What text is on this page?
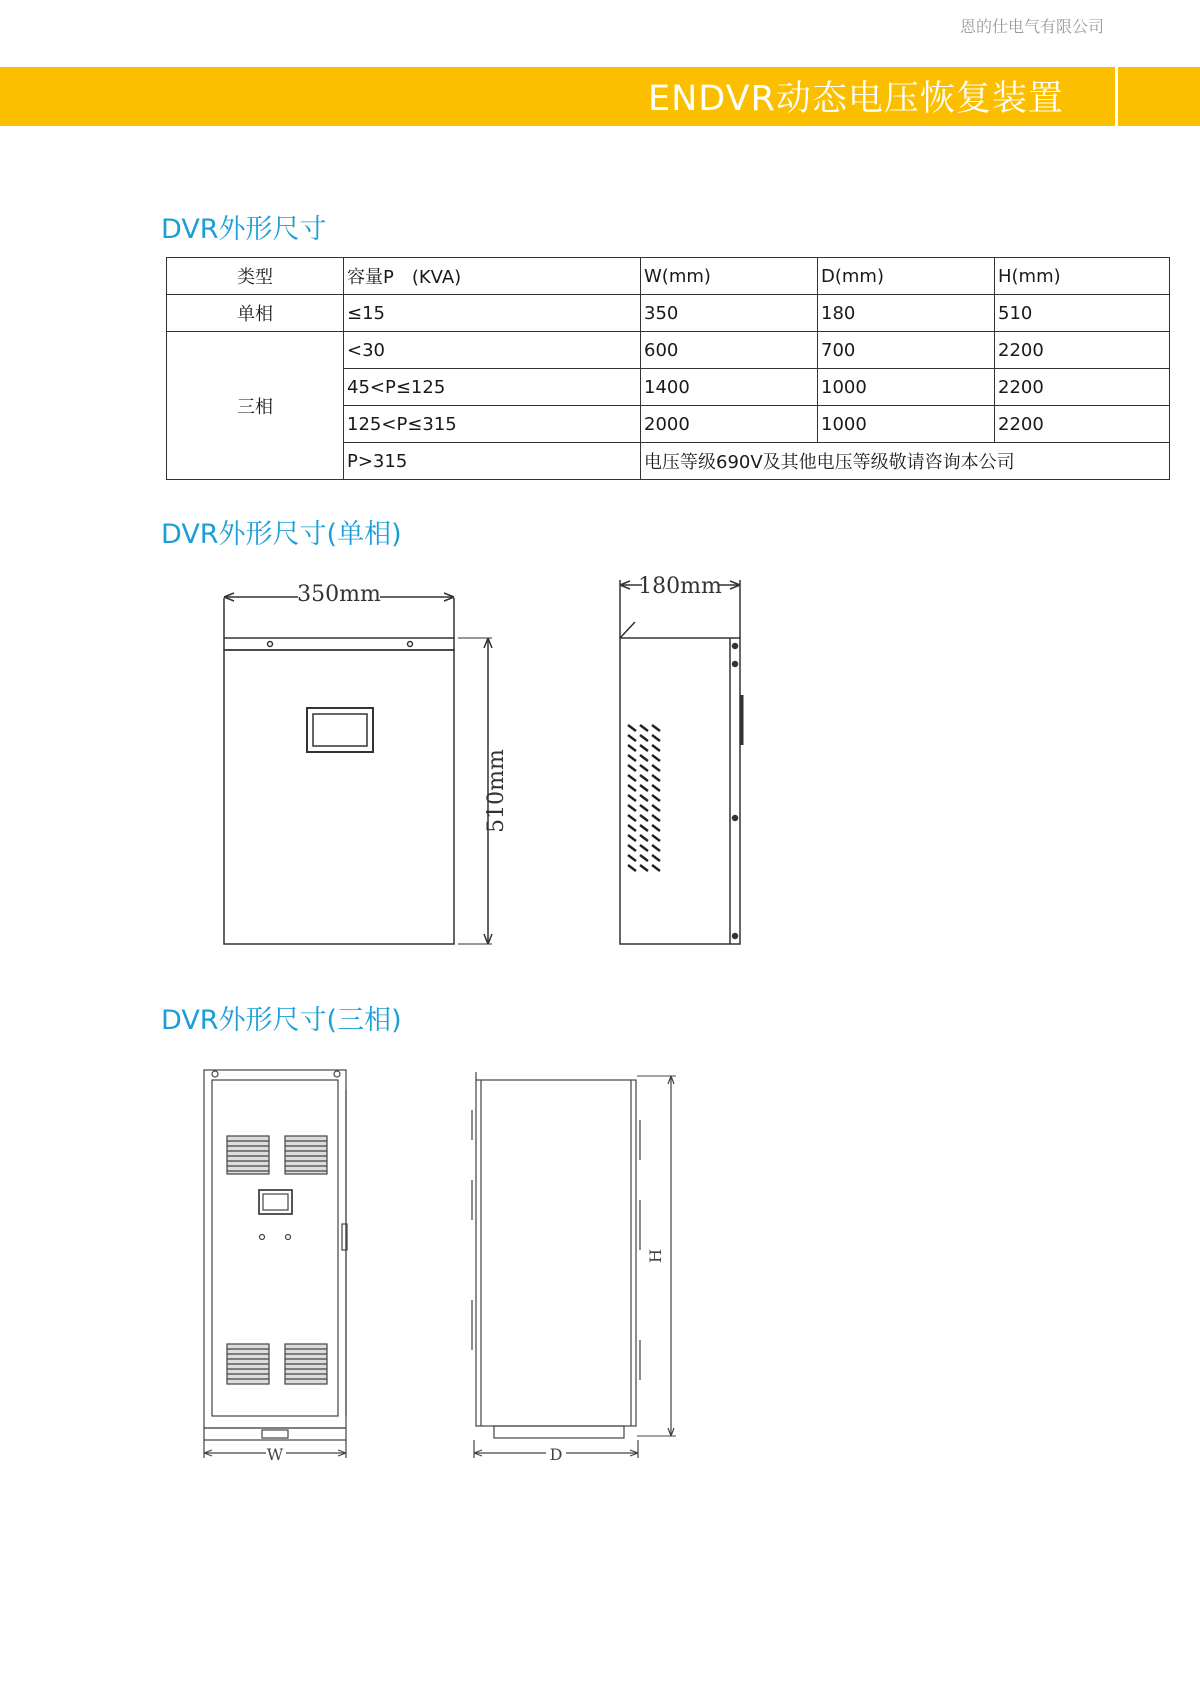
恩的仕电气有限公司
ENDVR动态电压恢复装置
DVR外形尺寸
类型	容量P　(KVA)	W(mm)	D(mm)	H(mm)
单相	≤15	350	180	510
三相	<30	600	700	2200
	45<P≤125	1400	1000	2200
	125<P≤315	2000	1000	2200
	P>315	电压等级690V及其他电压等级敬请咨询本公司		
DVR外形尺寸(单相)
350mm	180mm
510mm
DVR外形尺寸(三相)
W	D
H
